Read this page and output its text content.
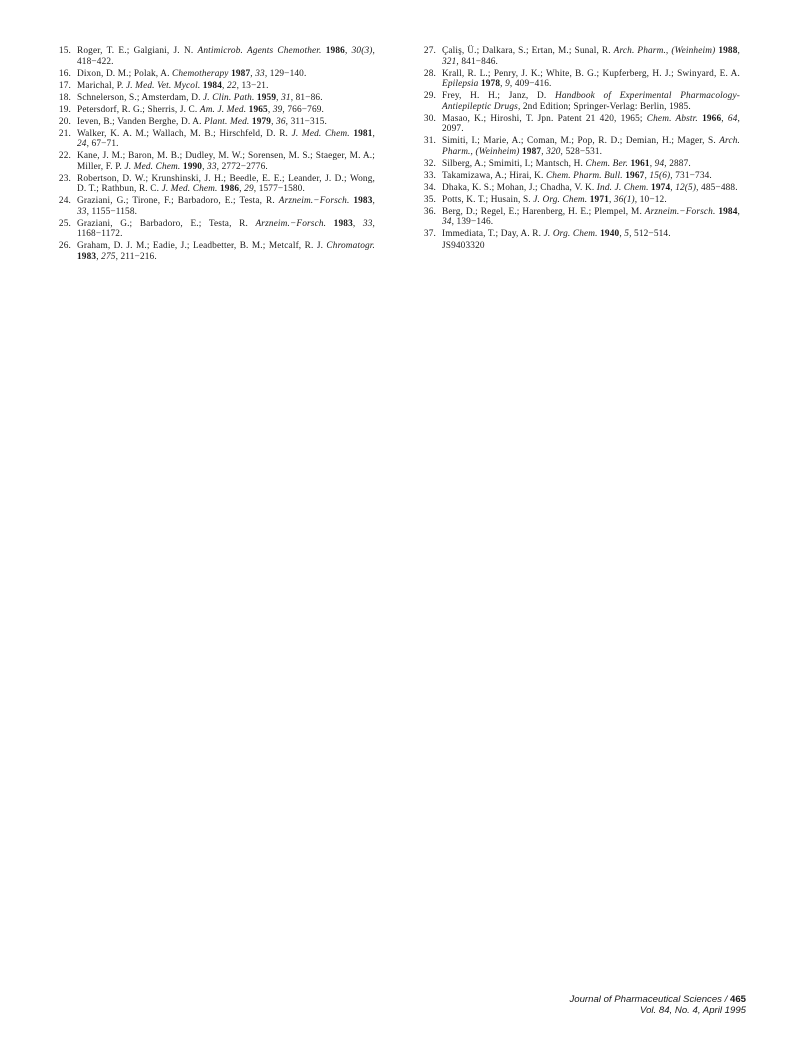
15. Roger, T. E.; Galgiani, J. N. Antimicrob. Agents Chemother. 1986, 30(3), 418−422.
16. Dixon, D. M.; Polak, A. Chemotherapy 1987, 33, 129−140.
17. Marichal, P. J. Med. Vet. Mycol. 1984, 22, 13−21.
18. Schnelerson, S.; Amsterdam, D. J. Clin. Path. 1959, 31, 81−86.
19. Petersdorf, R. G.; Sherris, J. C. Am. J. Med. 1965, 39, 766−769.
20. Ieven, B.; Vanden Berghe, D. A. Plant. Med. 1979, 36, 311−315.
21. Walker, K. A. M.; Wallach, M. B.; Hirschfeld, D. R. J. Med. Chem. 1981, 24, 67−71.
22. Kane, J. M.; Baron, M. B.; Dudley, M. W.; Sorensen, M. S.; Staeger, M. A.; Miller, F. P. J. Med. Chem. 1990, 33, 2772−2776.
23. Robertson, D. W.; Krunshinski, J. H.; Beedle, E. E.; Leander, J. D.; Wong, D. T.; Rathbun, R. C. J. Med. Chem. 1986, 29, 1577−1580.
24. Graziani, G.; Tirone, F.; Barbadoro, E.; Testa, R. Arzneim.−Forsch. 1983, 33, 1155−1158.
25. Graziani, G.; Barbadoro, E.; Testa, R. Arzneim.−Forsch. 1983, 33, 1168−1172.
26. Graham, D. J. M.; Eadie, J.; Leadbetter, B. M.; Metcalf, R. J. Chromatogr. 1983, 275, 211−216.
27. Çaliş, Ü.; Dalkara, S.; Ertan, M.; Sunal, R. Arch. Pharm., (Weinheim) 1988, 321, 841−846.
28. Krall, R. L.; Penry, J. K.; White, B. G.; Kupferberg, H. J.; Swinyard, E. A. Epilepsia 1978, 9, 409−416.
29. Frey, H. H.; Janz, D. Handbook of Experimental Pharmacology-Antiepileptic Drugs, 2nd Edition; Springer-Verlag: Berlin, 1985.
30. Masao, K.; Hiroshi, T. Jpn. Patent 21 420, 1965; Chem. Abstr. 1966, 64, 2097.
31. Simiti, I.; Marie, A.; Coman, M.; Pop, R. D.; Demian, H.; Mager, S. Arch. Pharm., (Weinheim) 1987, 320, 528−531.
32. Silberg, A.; Smimiti, I.; Mantsch, H. Chem. Ber. 1961, 94, 2887.
33. Takamizawa, A.; Hirai, K. Chem. Pharm. Bull. 1967, 15(6), 731−734.
34. Dhaka, K. S.; Mohan, J.; Chadha, V. K. Ind. J. Chem. 1974, 12(5), 485−488.
35. Potts, K. T.; Husain, S. J. Org. Chem. 1971, 36(1), 10−12.
36. Berg, D.; Regel, E.; Harenberg, H. E.; Plempel, M. Arzneim.−Forsch. 1984, 34, 139−146.
37. Immediata, T.; Day, A. R. J. Org. Chem. 1940, 5, 512−514.
JS9403320
Journal of Pharmaceutical Sciences / 465
Vol. 84, No. 4, April 1995
